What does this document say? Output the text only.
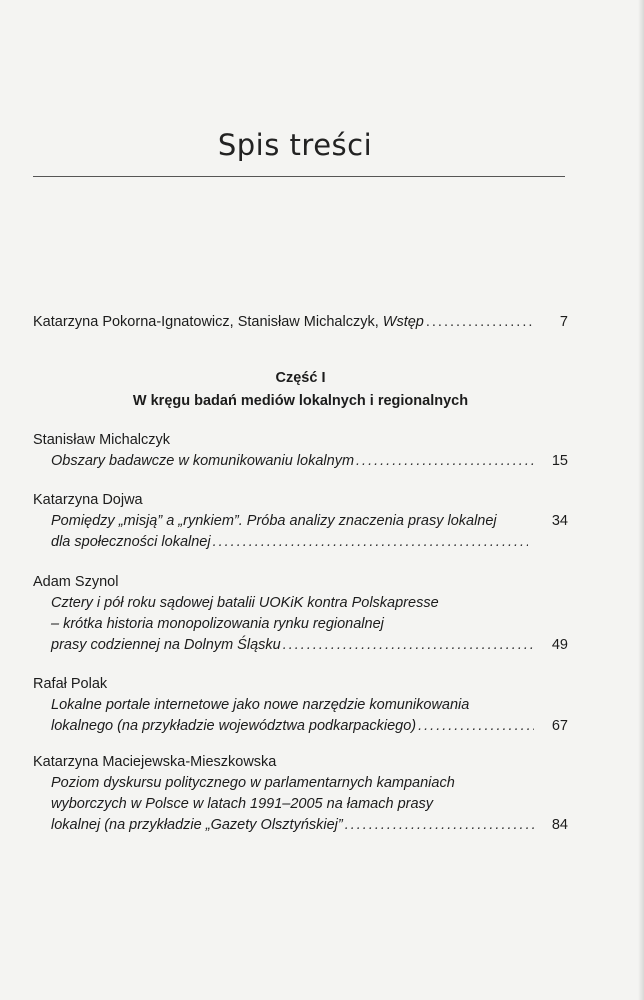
Spis treści
Katarzyna Pokorna-Ignatowicz, Stanisław Michalczyk, Wstęp .....	7
Część I
W kręgu badań mediów lokalnych i regionalnych
Stanisław Michalczyk
Obszary badawcze w komunikowaniu lokalnym .....	15
Katarzyna Dojwa
Pomiędzy „misją” a „rynkiem”. Próba analizy znaczenia prasy lokalnej	34
dla społeczności lokalnej
.....
Adam Szynol
Cztery i pół roku sądowej batalii UOKiK kontra Polskapresse
– krótka historia monopolizowania rynku regionalnej
prasy codziennej na Dolnym Śląsku .....	49
Rafał Polak
Lokalne portale internetowe jako nowe narzędzie komunikowania
lokalnego (na przykładzie województwa podkarpackiego) .....	67
Katarzyna Maciejewska-Mieszkowska
Poziom dyskursu politycznego w parlamentarnych kampaniach
wyborczych w Polsce w latach 1991–2005 na łamach prasy
lokalnej (na przykładzie „Gazety Olsztyńskiej” .....	84
